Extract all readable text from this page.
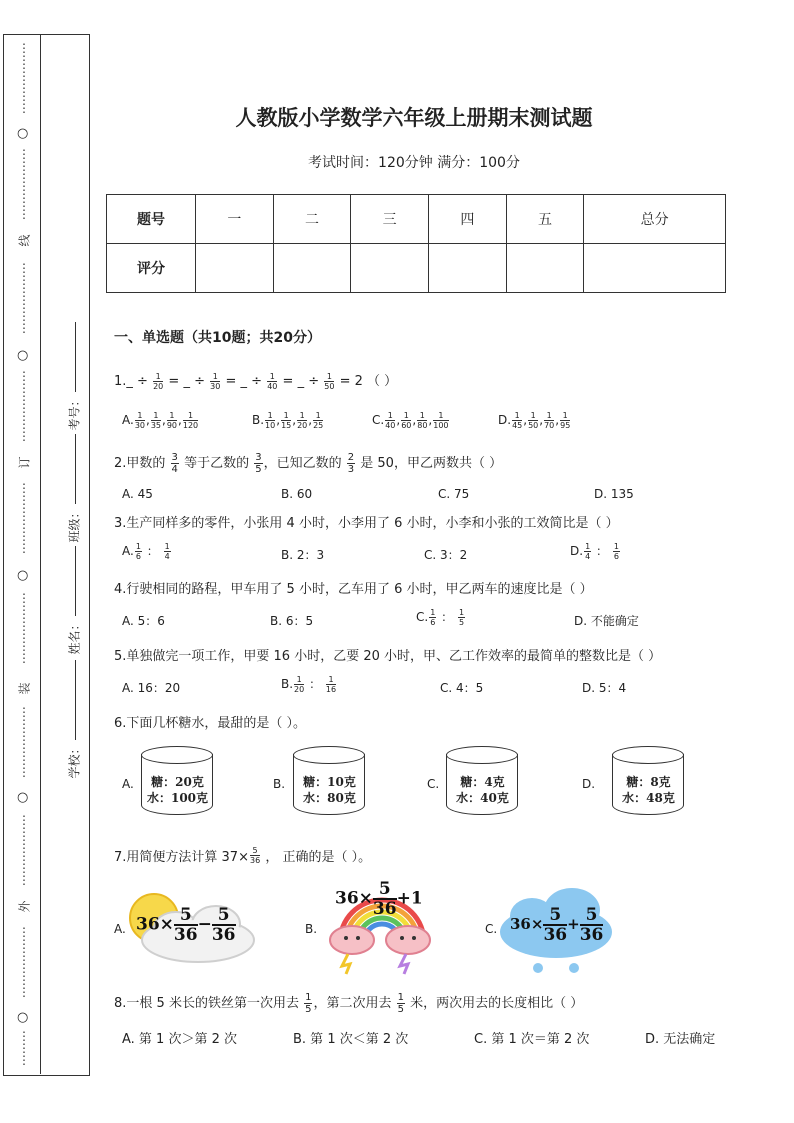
⋮
⋮
⋮
⋮
⋮
⋮
○
⋮
⋮
⋮
⋮
⋮
⋮
线
⋮
⋮
⋮
⋮
⋮
⋮
○
⋮
⋮
⋮
⋮
⋮
⋮
订
⋮
⋮
⋮
⋮
⋮
⋮
○
⋮
⋮
⋮
⋮
⋮
⋮
装
⋮
⋮
⋮
⋮
⋮
⋮
○
⋮
⋮
⋮
⋮
⋮
⋮
外
⋮
⋮
⋮
⋮
⋮
⋮
○
⋮
⋮
⋮
考号：
班级：
姓名：
学校：
人教版小学数学六年级上册期末测试题
考试时间：120分钟 满分：100分
题号	一	二	三	四	五	总分
评分						
一、单选题（共10题；共20分）
1._ ÷ $\frac{1}{20}$ = _ ÷ $\frac{1}{30}$ = _ ÷ $\frac{1}{40}$ = _ ÷ $\frac{1}{50} = 2$ （ ）
A. $\frac{1}{30}$ , $\frac{1}{35}$ , $\frac{1}{90}$ , $\frac{1}{120}$	B. $\frac{1}{10}$ , $\frac{1}{15}$ , $\frac{1}{20}$ , $\frac{1}{25}$	C. $\frac{1}{40}$ , $\frac{1}{60}$ , $\frac{1}{80}$ , $\frac{1}{100}$	D. $\frac{1}{45}$ , $\frac{1}{50}$ , $\frac{1}{70}$ , $\frac{1}{95}$
2.甲数的 $\frac{3}{4}$ 等于乙数的 $\frac{3}{5}$ ，已知乙数的 $\frac{2}{3}$ 是 50，甲乙两数共（ ）
A. 45	B. 60	C. 75	D. 135
3.生产同样多的零件，小张用 4 小时，小李用了 6 小时，小李和小张的工效简比是（ ）
A. $\frac{1}{6}$ ： $\frac{1}{4}$	B. 2：3	C. 3：2	D. $\frac{1}{4}$ ： $\frac{1}{6}$
4.行驶相同的路程，甲车用了 5 小时，乙车用了 6 小时，甲乙两车的速度比是（ ）
A. 5：6	B. 6：5	C. $\frac{1}{6}$ ： $\frac{1}{5}$	D. 不能确定
5.单独做完一项工作，甲要 16 小时，乙要 20 小时，甲、乙工作效率的最简单的整数比是（ ）
A. 16：20	B. $\frac{1}{20}$ ： $\frac{1}{16}$	C. 4：5	D. 5：4
6.下面几杯糖水，最甜的是（ ）。
A.	糖：20克
水：100克
B.	糖：10克
水：80克
C.	糖：4克
水：40克
D.	糖：8克
水：48克
7.用简便方法计算 $37\times \frac{5}{36}$ ， 正确的是（ ）。
A. $36\times \frac{5}{36} - \frac{5}{36}$	B.
$36\times \frac{5}{36} +1$
C. $36\times \frac{5}{36} + \frac{5}{36}$
8.一根 5 米长的铁丝第一次用去 $\frac{1}{5}$ ，第二次用去 $\frac{1}{5}$ 米，两次用去的长度相比（ ）
A. 第 1 次＞第 2 次	B. 第 1 次＜第 2 次	C. 第 1 次＝第 2 次	D. 无法确定
